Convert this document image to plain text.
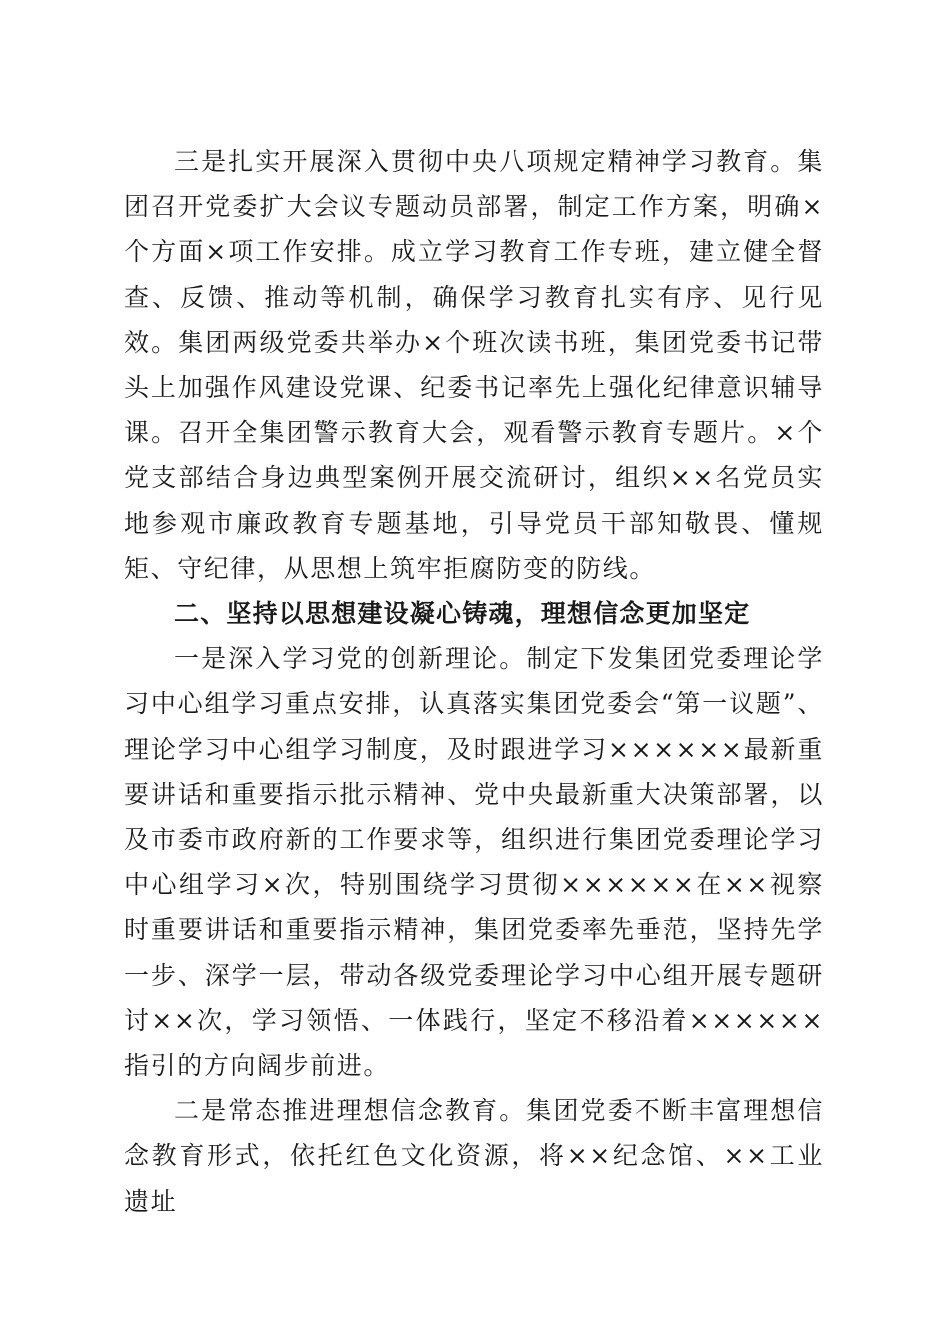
三是扎实开展深入贯彻中央八项规定精神学习教育。集团召开党委扩大会议专题动员部署，制定工作方案，明确×个方面×项工作安排。成立学习教育工作专班，建立健全督查、反馈、推动等机制，确保学习教育扎实有序、见行见效。集团两级党委共举办×个班次读书班，集团党委书记带头上加强作风建设党课、纪委书记率先上强化纪律意识辅导课。召开全集团警示教育大会，观看警示教育专题片。×个党支部结合身边典型案例开展交流研讨，组织××名党员实地参观市廉政教育专题基地，引导党员干部知敬畏、懂规矩、守纪律，从思想上筑牢拒腐防变的防线。

二、坚持以思想建设凝心铸魂，理想信念更加坚定

一是深入学习党的创新理论。制定下发集团党委理论学习中心组学习重点安排，认真落实集团党委会“第一议题”、理论学习中心组学习制度，及时跟进学习××××××最新重要讲话和重要指示批示精神、党中央最新重大决策部署，以及市委市政府新的工作要求等，组织进行集团党委理论学习中心组学习×次，特别围绕学习贯彻××××××在××视察时重要讲话和重要指示精神，集团党委率先垂范，坚持先学一步、深学一层，带动各级党委理论学习中心组开展专题研讨××次，学习领悟、一体践行，坚定不移沿着××××××指引的方向阔步前进。

二是常态推进理想信念教育。集团党委不断丰富理想信念教育形式，依托红色文化资源，将××纪念馆、××工业遗址
